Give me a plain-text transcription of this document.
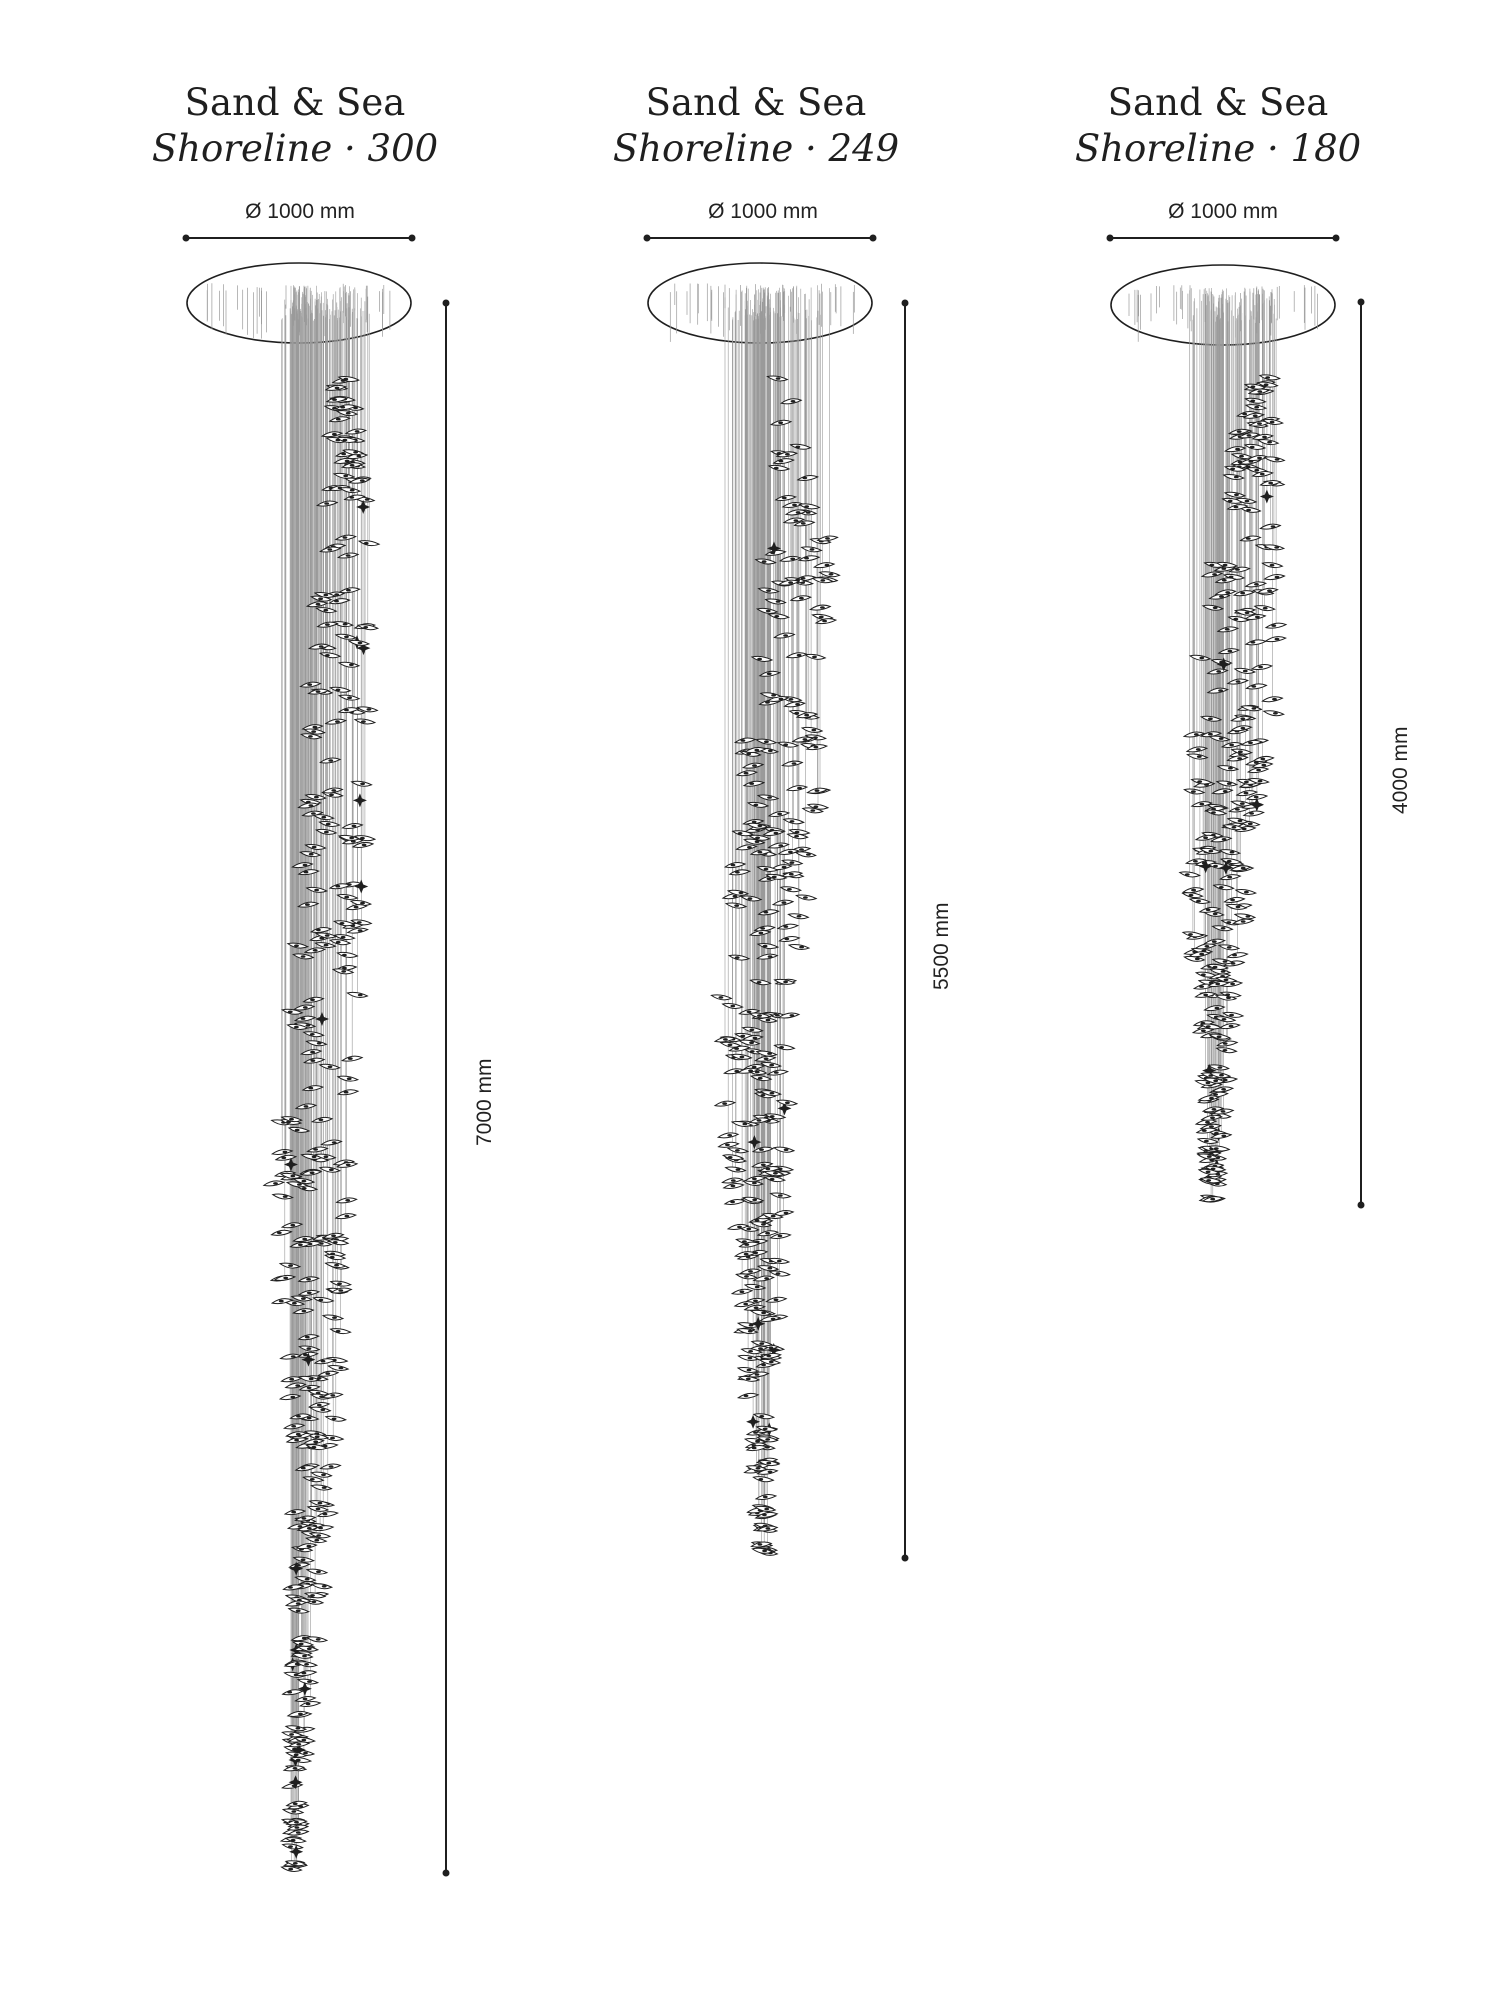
Sand & Sea
Shoreline · 300
Ø 1000 mm
7000 mm
Sand & Sea
Shoreline · 249
Ø 1000 mm
5500 mm
Sand & Sea
Shoreline · 180
Ø 1000 mm
4000 mm
